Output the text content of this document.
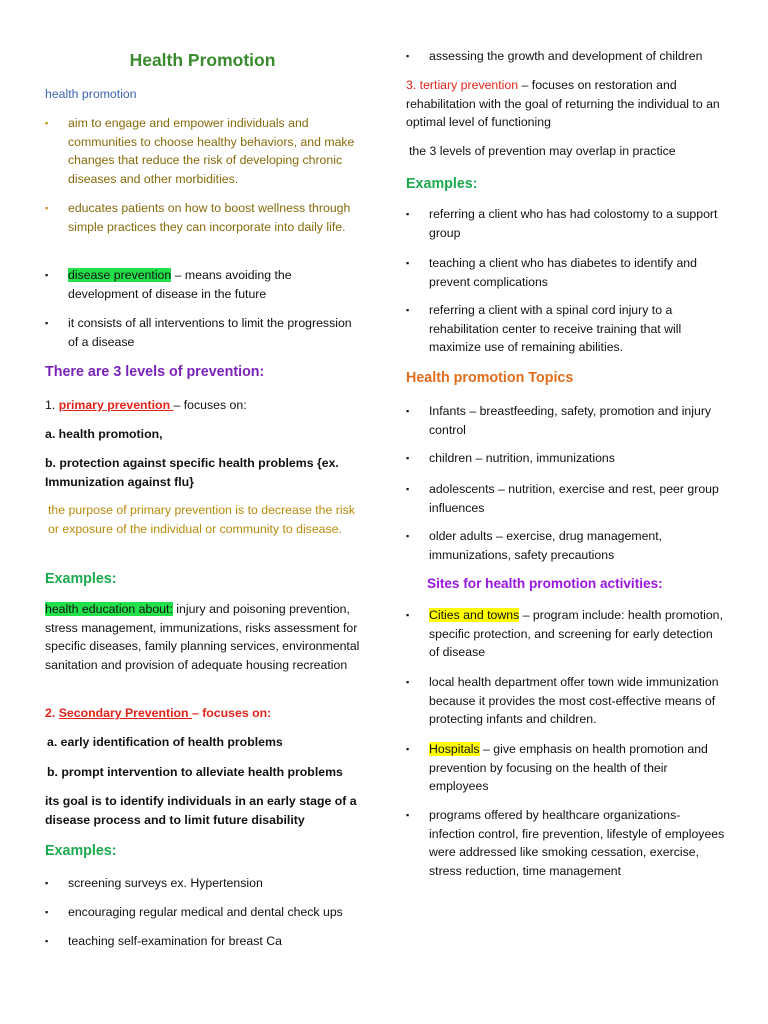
Health Promotion
health promotion
▪	aim to engage and empower individuals and communities to choose healthy behaviors, and make changes that reduce the risk of developing chronic diseases and other morbidities.
▪	educates patients on how to boost wellness through simple practices they can incorporate into daily life.
▪	disease prevention – means avoiding the development of disease in the future
▪	it consists of all interventions to limit the progression of a disease
There are 3 levels of prevention:
1. primary prevention – focuses on:
a. health promotion,
b. protection against specific health problems {ex. Immunization against flu}
the purpose of primary prevention is to decrease the risk or exposure of the individual or community to disease.
Examples:
health education about: injury and poisoning prevention, stress management, immunizations, risks assessment for specific diseases, family planning services, environmental sanitation and provision of adequate housing recreation
2. Secondary Prevention – focuses on:
a. early identification of health problems
b. prompt intervention to alleviate health problems
its goal is to identify individuals in an early stage of a disease process and to limit future disability
Examples:
▪	screening surveys ex. Hypertension
▪	encouraging regular medical and dental check ups
▪	teaching self-examination for breast Ca
▪	assessing the growth and development of children
3. tertiary prevention – focuses on restoration and rehabilitation with the goal of returning the individual to an optimal level of functioning
the 3 levels of prevention may overlap in practice
Examples:
▪	referring a client who has had colostomy to a support group
▪	teaching a client who has diabetes to identify and prevent complications
▪	referring a client with a spinal cord injury to a rehabilitation center to receive training that will maximize use of remaining abilities.
Health promotion Topics
▪	Infants – breastfeeding, safety, promotion and injury control
▪	children – nutrition, immunizations
▪	adolescents – nutrition, exercise and rest, peer group influences
▪	older adults – exercise, drug management, immunizations, safety precautions
Sites for health promotion activities:
▪	Cities and towns – program include: health promotion, specific protection, and screening for early detection of disease
▪	local health department offer town wide immunization because it provides the most cost-effective means of protecting infants and children.
▪	Hospitals – give emphasis on health promotion and prevention by focusing on the health of their employees
▪	programs offered by healthcare organizations- infection control, fire prevention, lifestyle of employees were addressed like smoking cessation, exercise, stress reduction, time management
